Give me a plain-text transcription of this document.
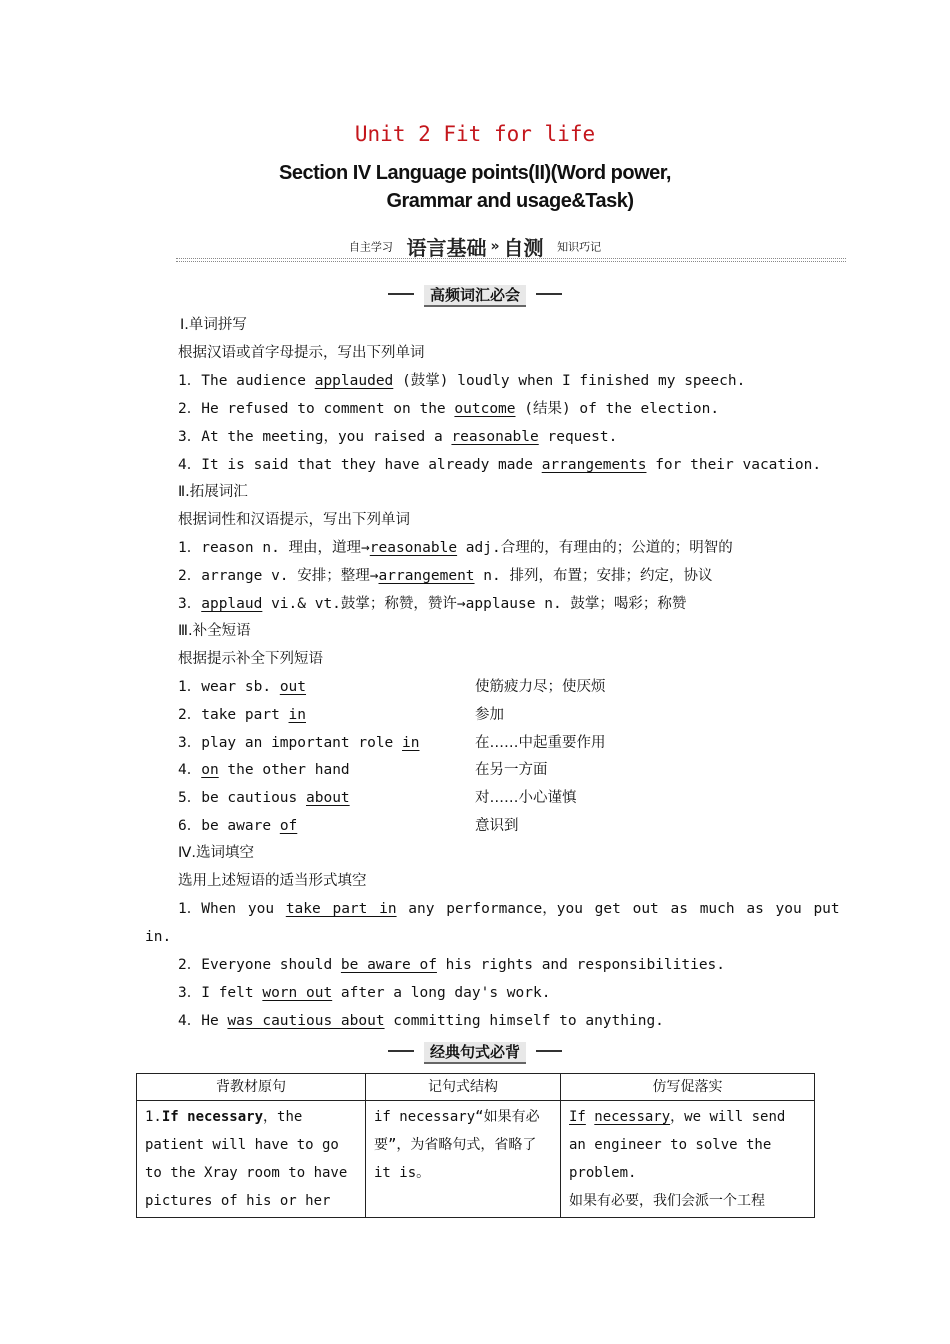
Unit 2 Fit for life
Section IV Language points(II)(Word power,
Grammar and usage&Task)
自主学习 语言基础 » 自测 知识巧记
高频词汇必会
Ⅰ.单词拼写
根据汉语或首字母提示，写出下列单词
1．The audience applauded (鼓掌) loudly when I finished my speech.
2．He refused to comment on the outcome (结果) of the election.
3．At the meeting，you raised a reasonable request.
4．It is said that they have already made arrangements for their vacation.
Ⅱ.拓展词汇
根据词性和汉语提示，写出下列单词
1．reason n. 理由，道理→reasonable adj.合理的，有理由的；公道的；明智的
2．arrange v. 安排；整理→arrangement n. 排列，布置；安排；约定，协议
3．applaud vi.& vt.鼓掌；称赞，赞许→applause n. 鼓掌；喝彩；称赞
Ⅲ.补全短语
根据提示补全下列短语
1．wear sb. out	使筋疲力尽；使厌烦
2．take part in	参加
3．play an important role in	在……中起重要作用
4．on the other hand	在另一方面
5．be cautious about	对……小心谨慎
6．be aware of	意识到
Ⅳ.选词填空
选用上述短语的适当形式填空
1．When you take part in any performance，you get out as much as you put
in.
2．Everyone should be aware of his rights and responsibilities.
3．I felt worn out after a long day's work.
4．He was cautious about committing himself to anything.
经典句式必背
背教材原句	记句式结构	仿写促落实
1.If necessary，the patient will have to go to the Xray room to have pictures of his or her	if necessary“如果有必要”，为省略句式，省略了 it is。	If necessary，we will send an engineer to solve the problem.
如果有必要，我们会派一个工程
